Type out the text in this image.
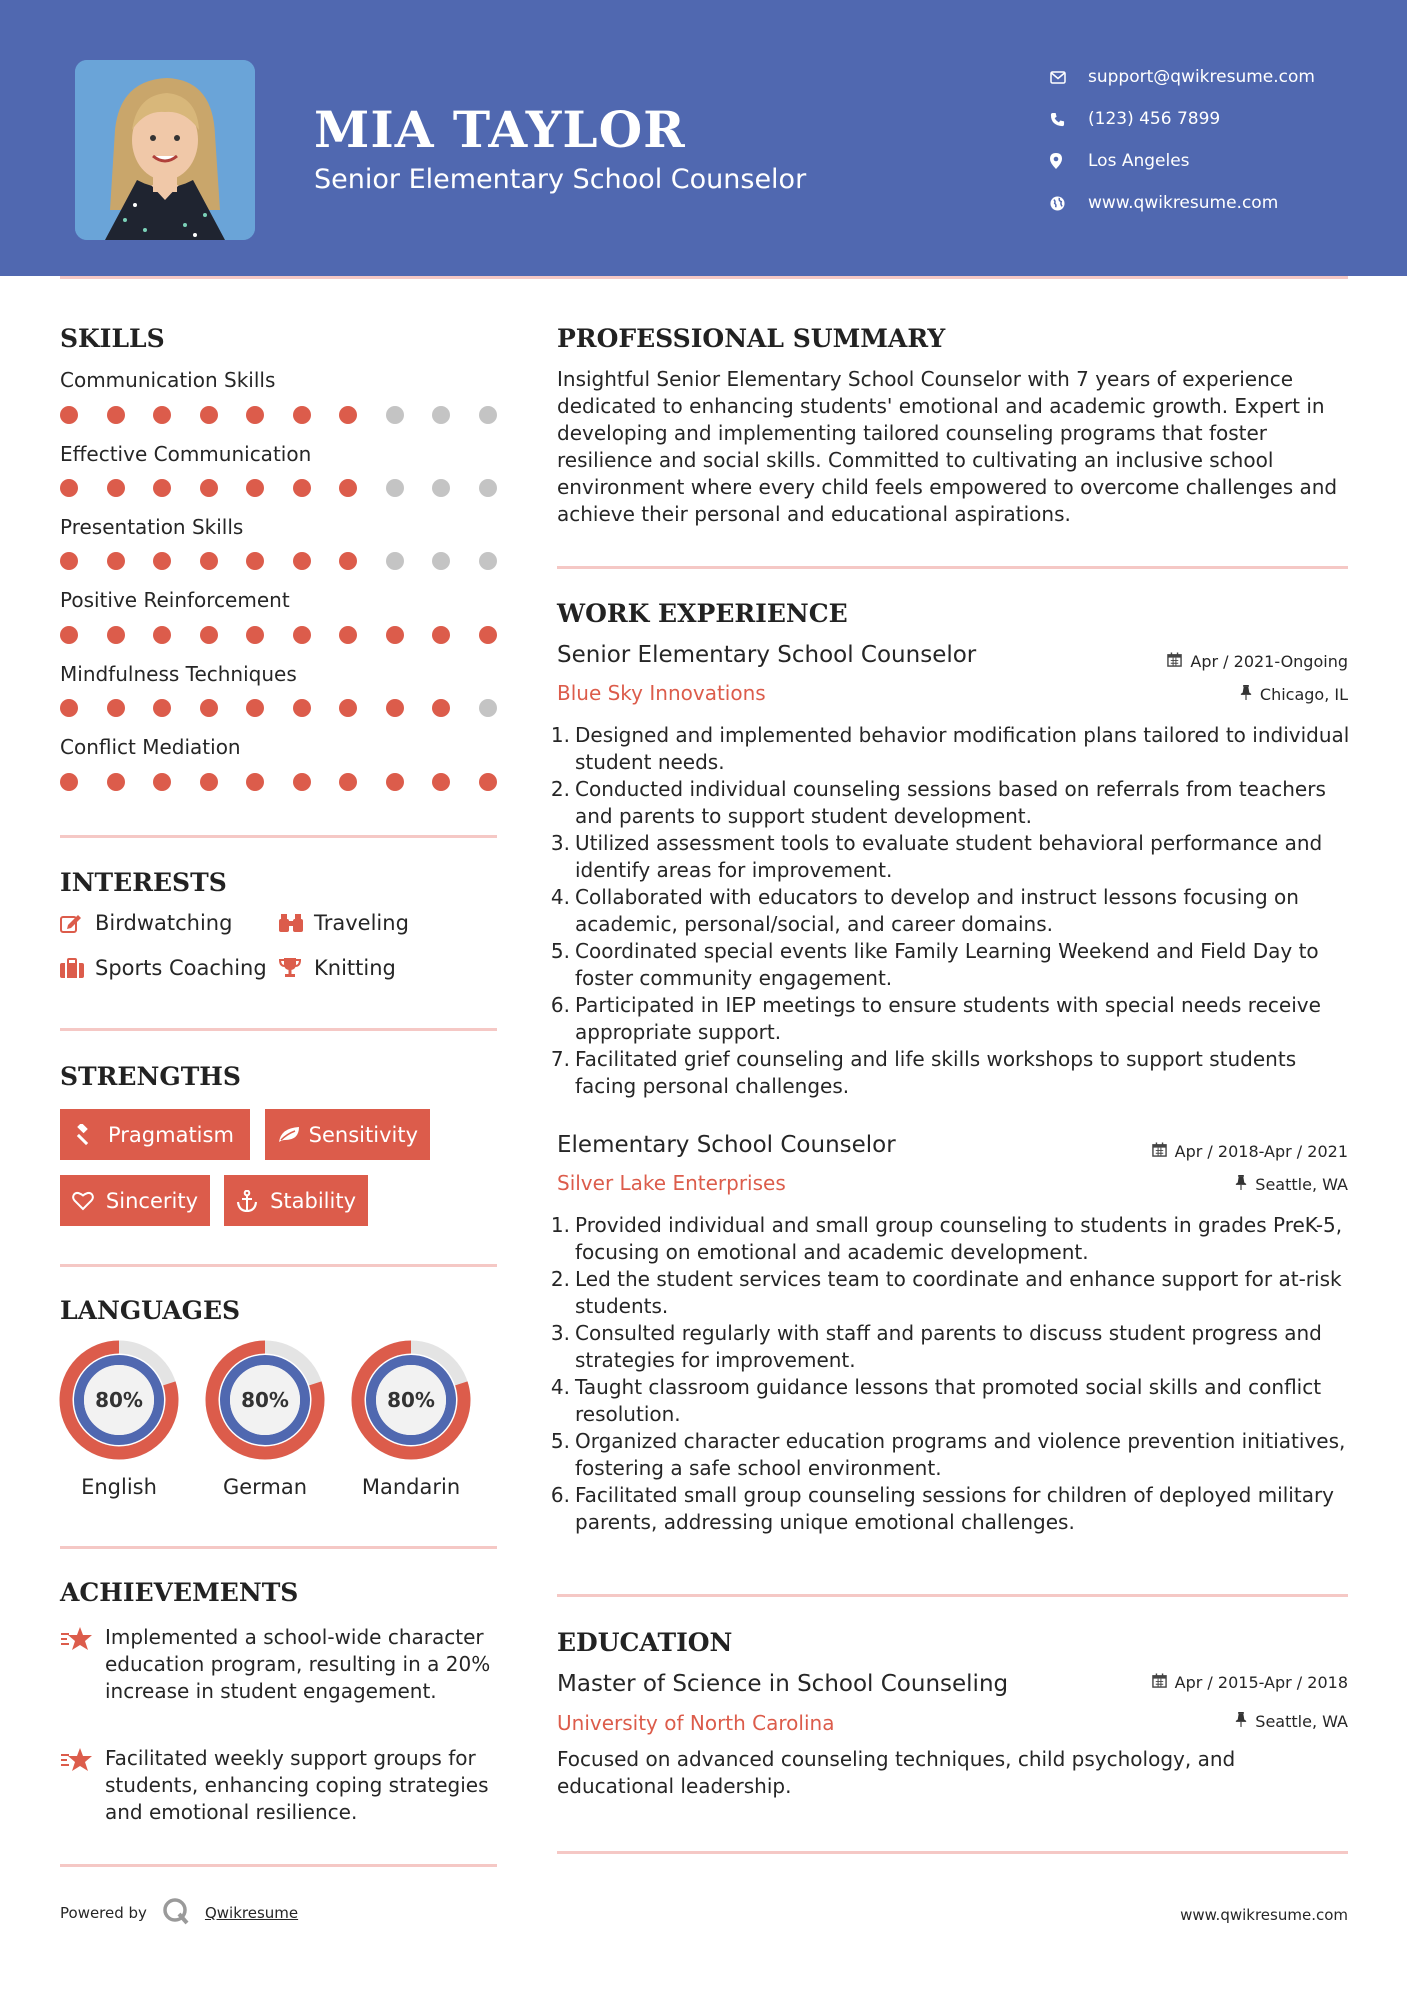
MIA TAYLOR
Senior Elementary School Counselor
support@qwikresume.com
(123) 456 7899
Los Angeles
www.qwikresume.com
SKILLS
Communication Skills
Effective Communication
Presentation Skills
Positive Reinforcement
Mindfulness Techniques
Conflict Mediation
INTERESTS
Birdwatching	Traveling
Sports Coaching Knitting
STRENGTHS
Pragmatism	Sensitivity
Sincerity	Stability
LANGUAGES
80%	80%	80%
English	German	Mandarin
ACHIEVEMENTS
Implemented a school-wide character education program, resulting in a 20% increase in student engagement.
Facilitated weekly support groups for students, enhancing coping strategies and emotional resilience.
PROFESSIONAL SUMMARY
Insightful Senior Elementary School Counselor with 7 years of experience dedicated to enhancing students' emotional and academic growth. Expert in developing and implementing tailored counseling programs that foster resilience and social skills. Committed to cultivating an inclusive school environment where every child feels empowered to overcome challenges and achieve their personal and educational aspirations.
WORK EXPERIENCE
Senior Elementary School Counselor	Apr / 2021-Ongoing
Blue Sky Innovations	Chicago, IL
1. Designed and implemented behavior modification plans tailored to individual student needs.
2. Conducted individual counseling sessions based on referrals from teachers and parents to support student development.
3. Utilized assessment tools to evaluate student behavioral performance and identify areas for improvement.
4. Collaborated with educators to develop and instruct lessons focusing on academic, personal/social, and career domains.
5. Coordinated special events like Family Learning Weekend and Field Day to foster community engagement.
6. Participated in IEP meetings to ensure students with special needs receive appropriate support.
7. Facilitated grief counseling and life skills workshops to support students facing personal challenges.
Elementary School Counselor	Apr / 2018-Apr / 2021
Silver Lake Enterprises	Seattle, WA
1. Provided individual and small group counseling to students in grades PreK-5, focusing on emotional and academic development.
2. Led the student services team to coordinate and enhance support for at-risk students.
3. Consulted regularly with staff and parents to discuss student progress and strategies for improvement.
4. Taught classroom guidance lessons that promoted social skills and conflict resolution.
5. Organized character education programs and violence prevention initiatives, fostering a safe school environment.
6. Facilitated small group counseling sessions for children of deployed military parents, addressing unique emotional challenges.
EDUCATION
Master of Science in School Counseling	Apr / 2015-Apr / 2018
University of North Carolina	Seattle, WA
Focused on advanced counseling techniques, child psychology, and educational leadership.
Powered by	Qwikresume	www.qwikresume.com
